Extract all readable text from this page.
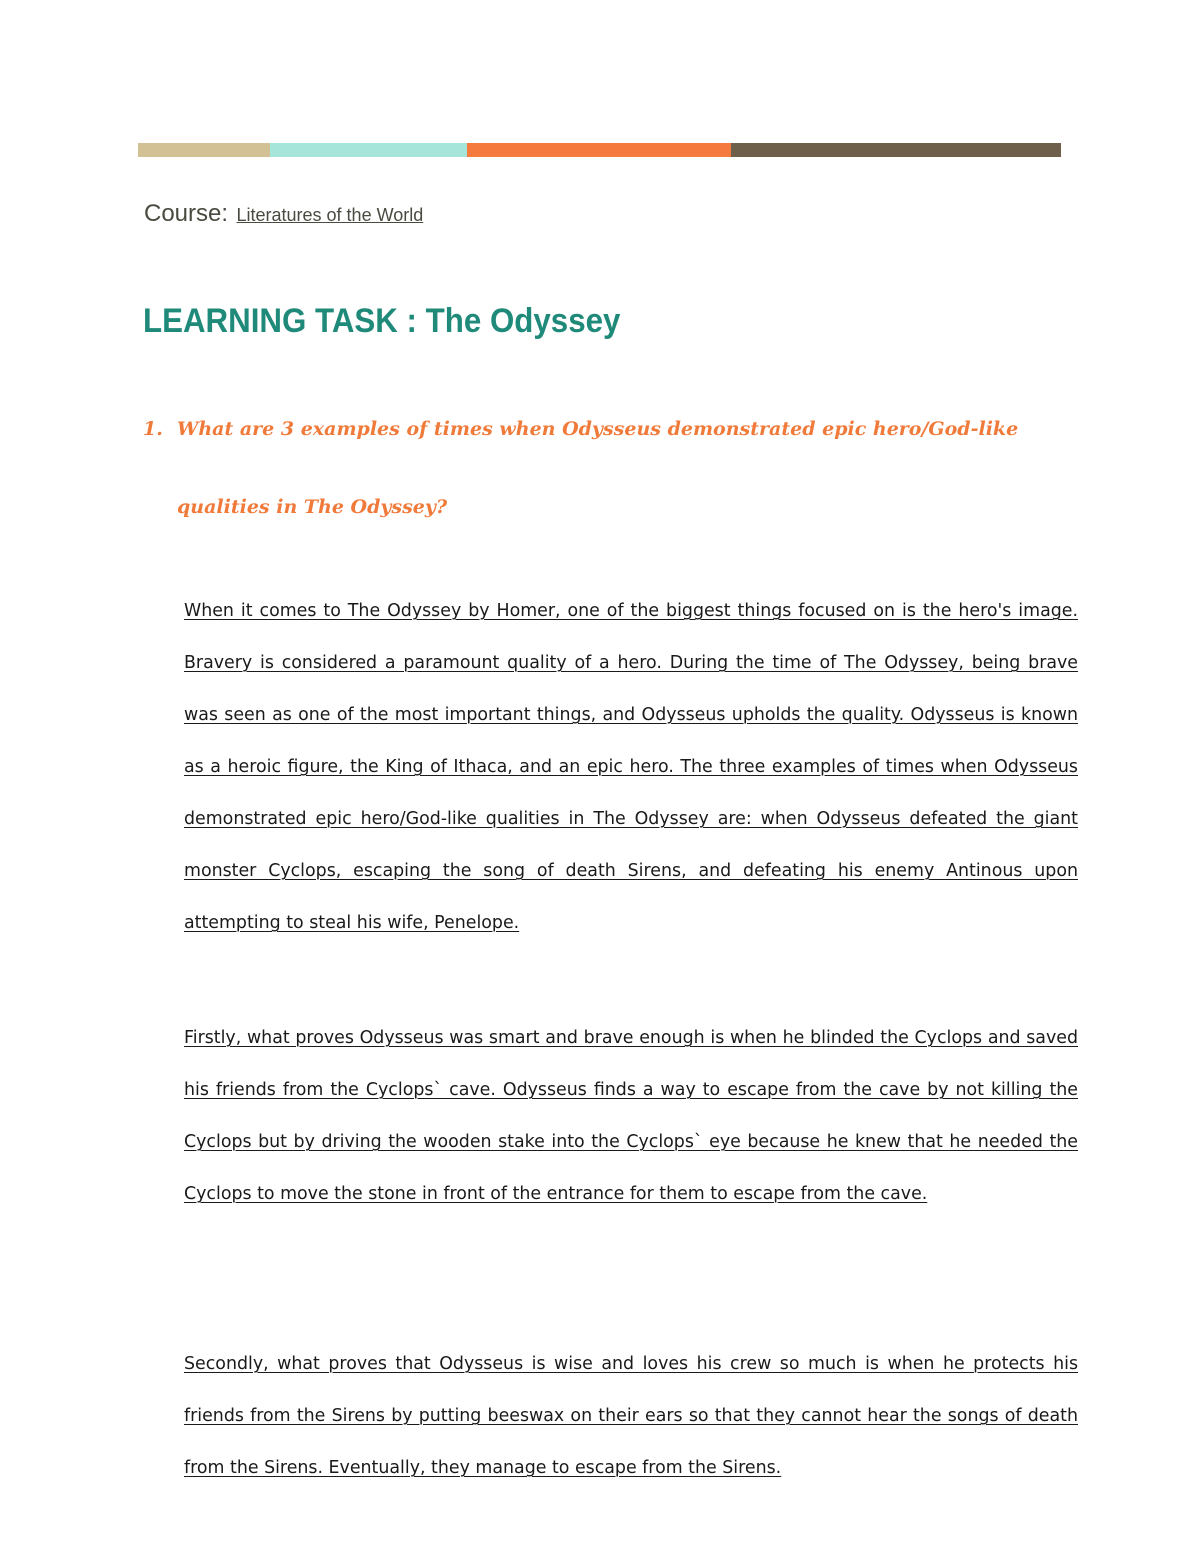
Course: Literatures of the World
LEARNING TASK : The Odyssey
1. What are 3 examples of times when Odysseus demonstrated epic hero/God-like
qualities in The Odyssey?

When it comes to The Odyssey by Homer, one of the biggest things focused on is the hero's image. Bravery is considered a paramount quality of a hero. During the time of The Odyssey, being brave was seen as one of the most important things, and Odysseus upholds the quality. Odysseus is known as a heroic figure, the King of Ithaca, and an epic hero. The three examples of times when Odysseus demonstrated epic hero/God-like qualities in The Odyssey are: when Odysseus defeated the giant monster Cyclops, escaping the song of death Sirens, and defeating his enemy Antinous upon attempting to steal his wife, Penelope.

Firstly, what proves Odysseus was smart and brave enough is when he blinded the Cyclops and saved his friends from the Cyclops` cave. Odysseus finds a way to escape from the cave by not killing the Cyclops but by driving the wooden stake into the Cyclops` eye because he knew that he needed the Cyclops to move the stone in front of the entrance for them to escape from the cave.

Secondly, what proves that Odysseus is wise and loves his crew so much is when he protects his friends from the Sirens by putting beeswax on their ears so that they cannot hear the songs of death from the Sirens. Eventually, they manage to escape from the Sirens.
